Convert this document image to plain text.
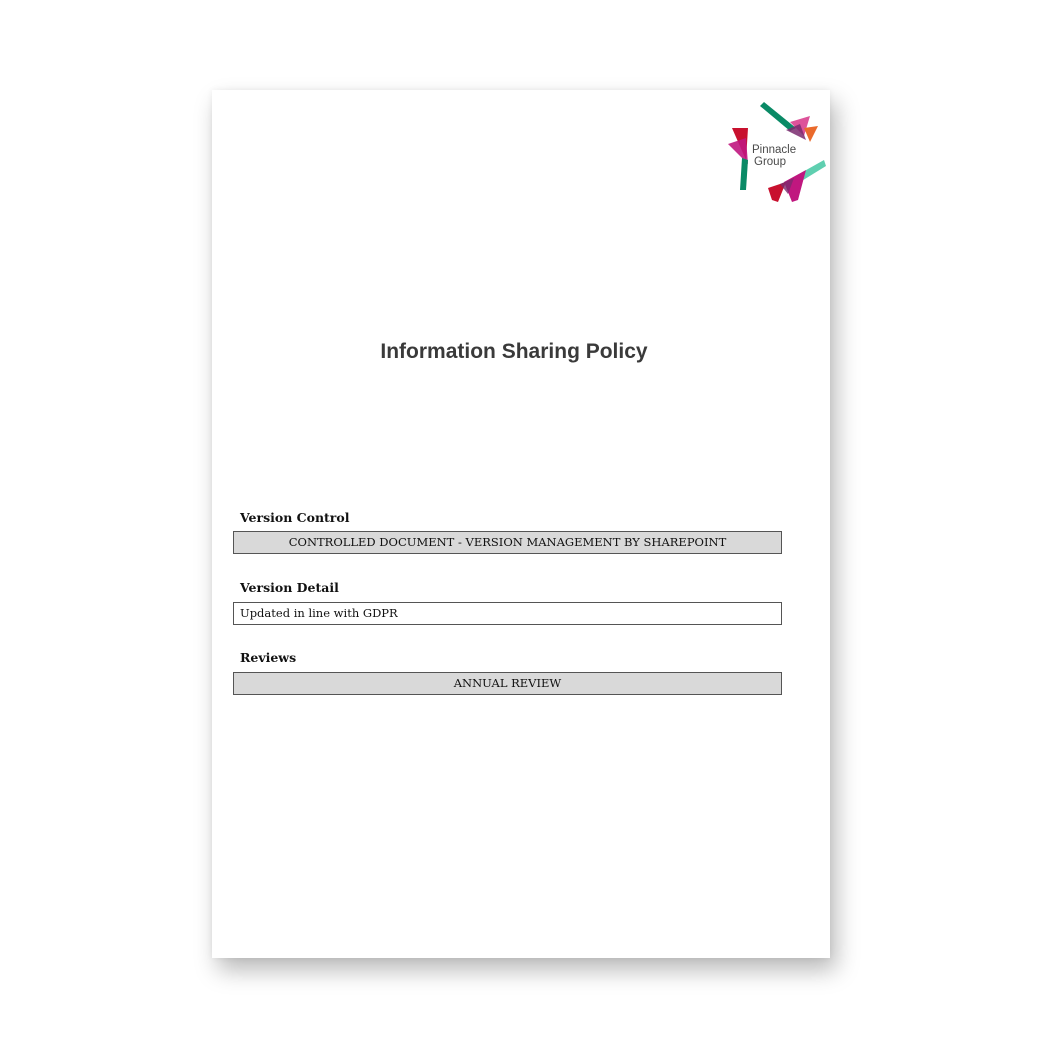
Pinnacle
Group
Information Sharing Policy
Version Control
CONTROLLED DOCUMENT - VERSION MANAGEMENT BY SHAREPOINT
Version Detail
Updated in line with GDPR
Reviews
ANNUAL REVIEW
